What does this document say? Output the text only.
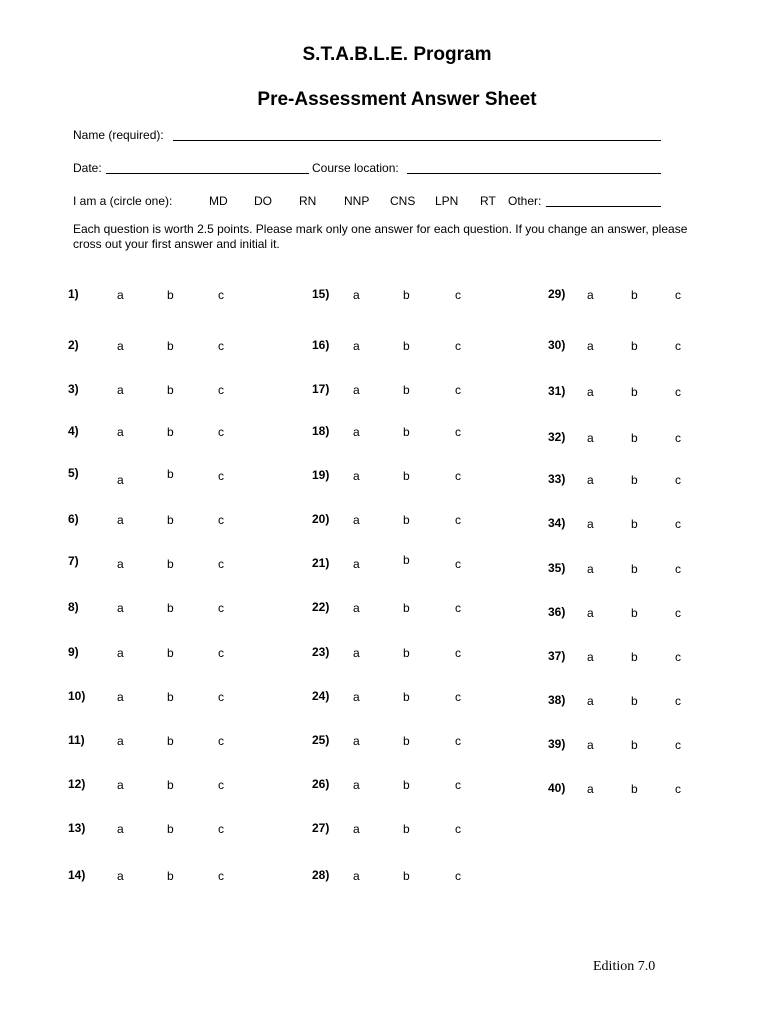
S.T.A.B.L.E. Program
Pre-Assessment Answer Sheet
Name (required):
Date:	Course location:
I am a (circle one):	MD DO RN NNP CNS LPN RT Other:
Each question is worth 2.5 points. Please mark only one answer for each question. If you change an answer, please cross out your first answer and initial it.
1)	a	b	c
2)	a	b	c
3)	a	b	c
4)	a	b	c
5)	a	b	c
6)	a	b	c
7)	a	b	c
8)	a	b	c
9)	a	b	c
10)	a	b	c
11)	a	b	c
12)	a	b	c
13)	a	b	c
14)	a	b	c
15) a	b	c
16) a	b	c
17) a	b	c
18) a	b	c
19) a	b	c
20) a	b	c
21) a	b	c
22) a	b	c
23) a	b	c
24) a	b	c
25) a	b	c
26) a	b	c
27) a	b	c
28) a	b	c
29) a	b	c
30) a	b	c
31) a	b	c
32) a	b	c
33) a	b	c
34) a	b	c
35) a	b	c
36) a	b	c
37) a	b	c
38) a	b	c
39) a	b	c
40) a	b	c
Edition 7.0
